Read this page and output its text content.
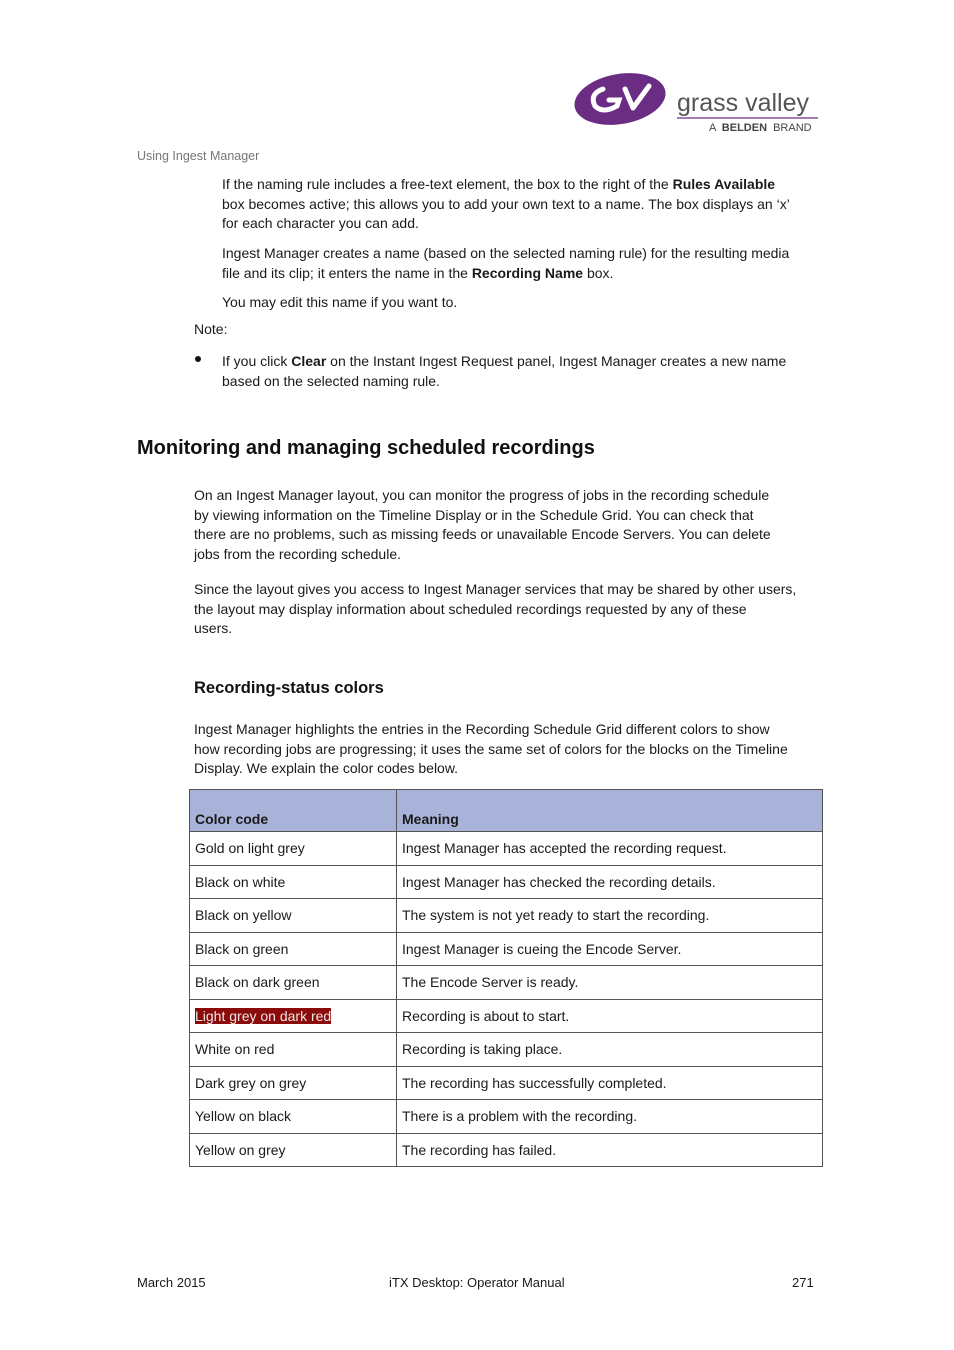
grass valley
A BELDEN BRAND
Using Ingest Manager

If the naming rule includes a free-text element, the box to the right of the Rules Available

box becomes active; this allows you to add your own text to a name. The box displays an ‘x’

for each character you can add.

Ingest Manager creates a name (based on the selected naming rule) for the resulting media

file and its clip; it enters the name in the Recording Name box.

You may edit this name if you want to.
Note:

If you click Clear on the Instant Ingest Request panel, Ingest Manager creates a new name

based on the selected naming rule.

Monitoring and managing scheduled recordings

On an Ingest Manager layout, you can monitor the progress of jobs in the recording schedule

by viewing information on the Timeline Display or in the Schedule Grid. You can check that

there are no problems, such as missing feeds or unavailable Encode Servers. You can delete

jobs from the recording schedule.

Since the layout gives you access to Ingest Manager services that may be shared by other users,

the layout may display information about scheduled recordings requested by any of these

users.

Recording-status colors

Ingest Manager highlights the entries in the Recording Schedule Grid different colors to show

how recording jobs are progressing; it uses the same set of colors for the blocks on the Timeline

Display. We explain the color codes below.

Color code	Meaning
Gold on light grey	Ingest Manager has accepted the recording request.
Black on white	Ingest Manager has checked the recording details.
Black on yellow	The system is not yet ready to start the recording.
Black on green	Ingest Manager is cueing the Encode Server.
Black on dark green	The Encode Server is ready.
Light grey on dark red	Recording is about to start.
White on red	Recording is taking place.
Dark grey on grey	The recording has successfully completed.
Yellow on black	There is a problem with the recording.
Yellow on grey	The recording has failed.
March 2015	iTX Desktop: Operator Manual	271
